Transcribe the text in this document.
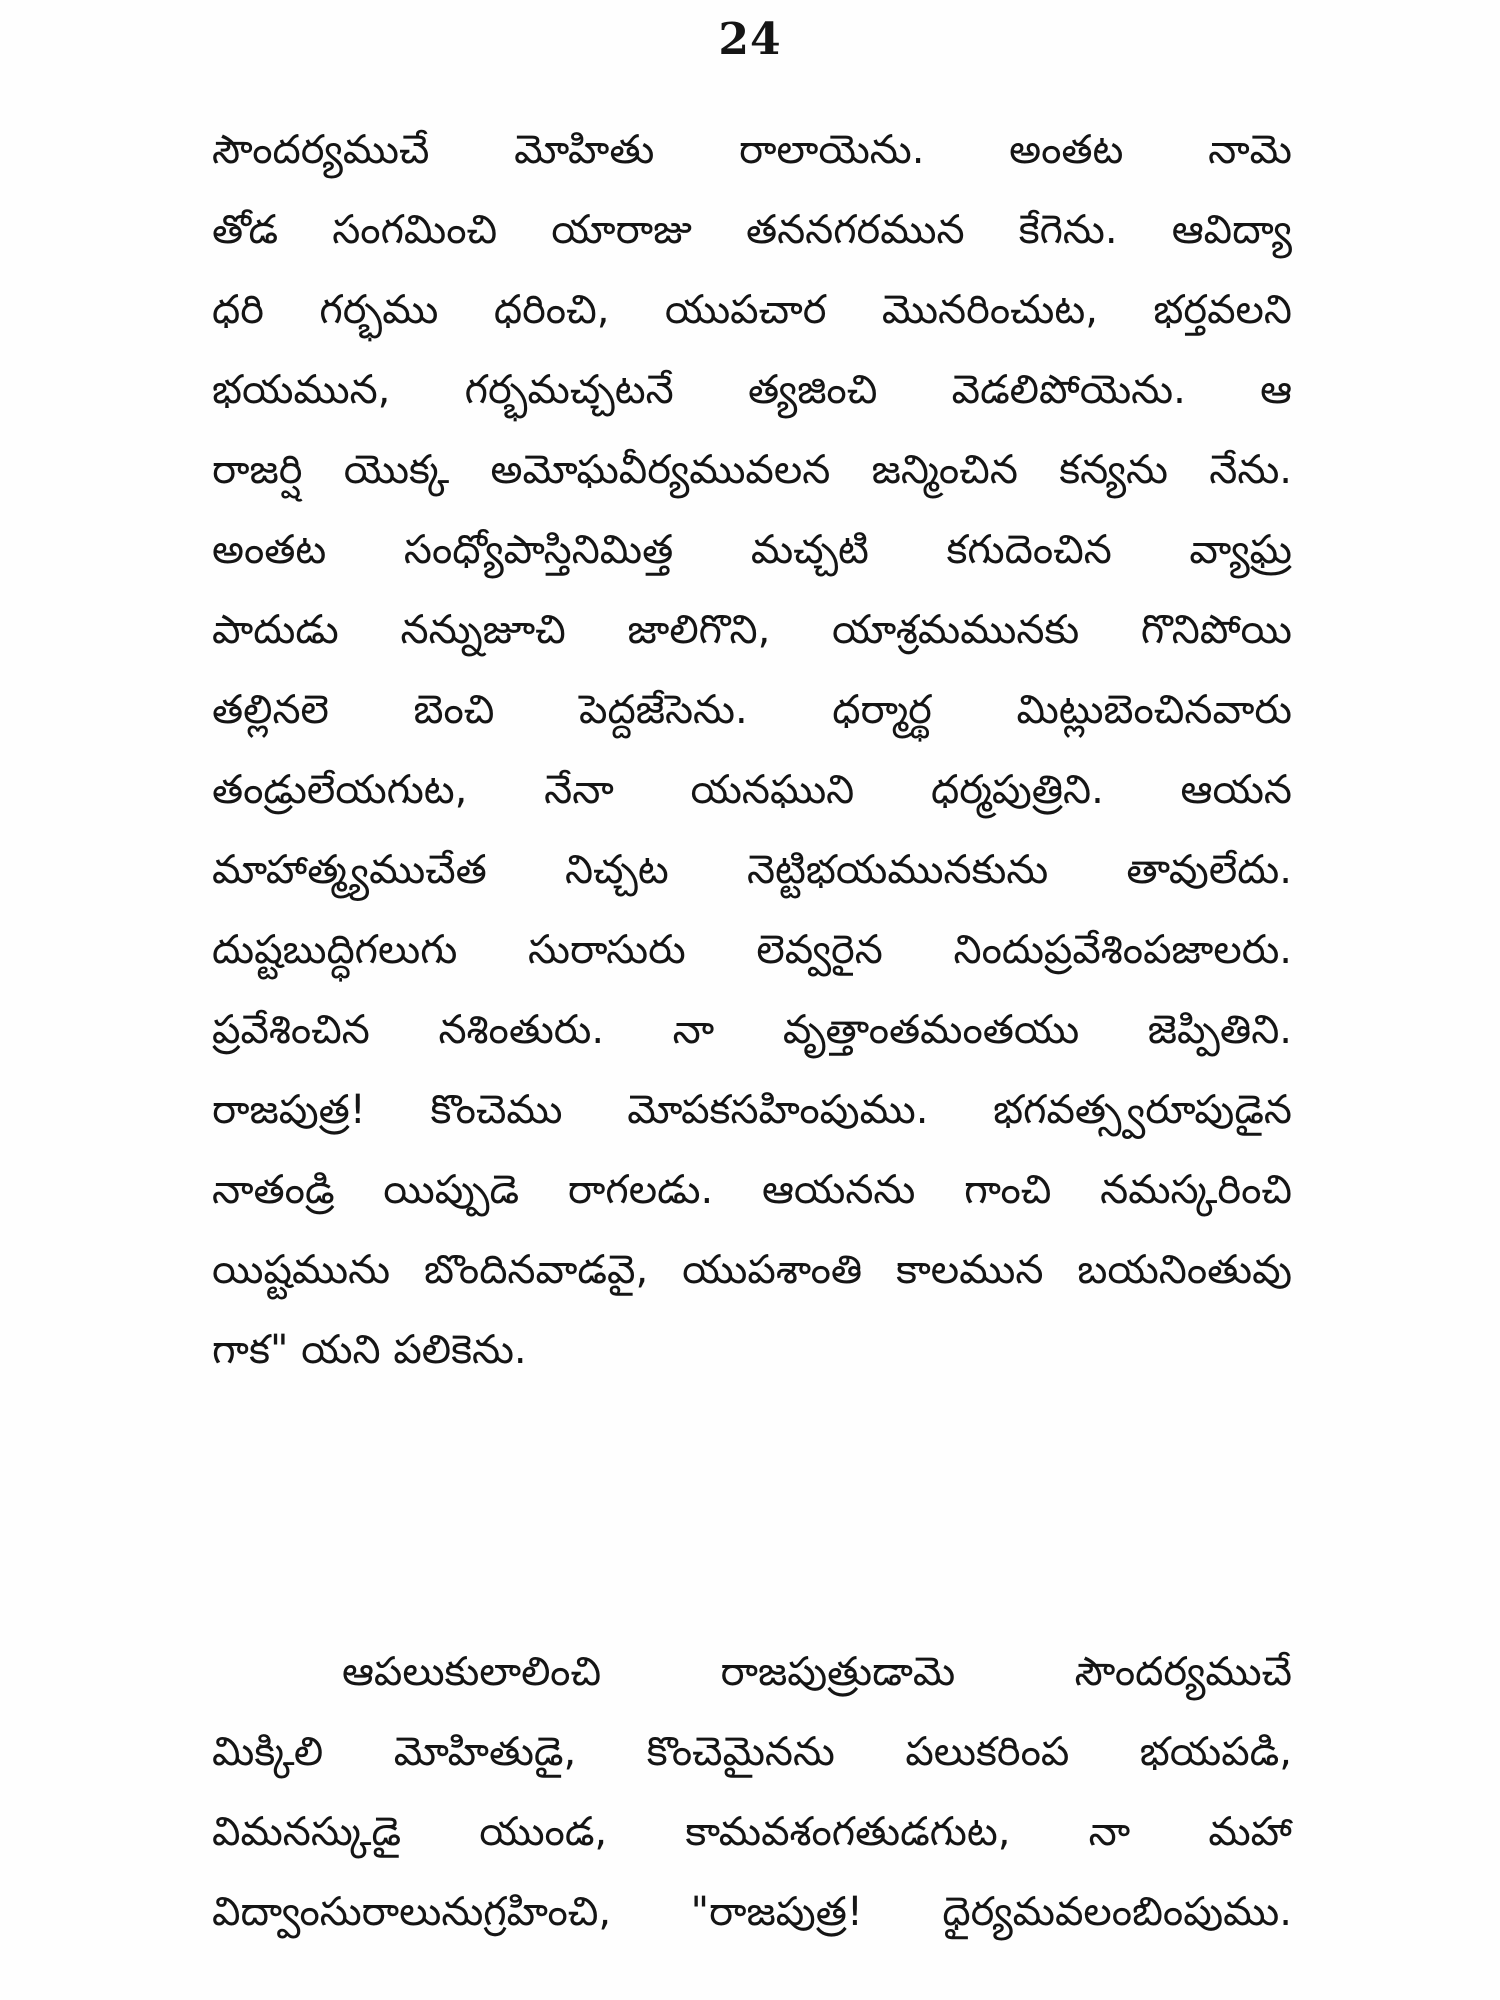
24
సౌందర్యముచే మోహితు రాలాయెను. అంతట నామె
తోడ సంగమించి యారాజు తననగరమున కేగెను. ఆవిద్యా
ధరి గర్భము ధరించి, యుపచార మొనరించుట, భర్తవలని
భయమున, గర్భమచ్చటనే త్యజించి వెడలిపోయెను. ఆ
రాజర్షి యొక్క అమోఘవీర్యమువలన జన్మించిన కన్యను నేను.
అంతట సంధ్యోపాస్తినిమిత్త మచ్చటి కగుదెంచిన వ్యాఘ్ర
పాదుడు నన్నుజూచి జాలిగొని, యాశ్రమమునకు గొనిపోయి
తల్లినలె బెంచి పెద్దజేసెను. ధర్మార్థ మిట్లుబెంచినవారు
తండ్రులేయగుట, నేనా యనఘుని ధర్మపుత్రిని. ఆయన
మాహాత్మ్యముచేత నిచ్చట నెట్టిభయమునకును తావులేదు.
దుష్టబుద్ధిగలుగు సురాసురు లెవ్వరైన నిందుప్రవేశింపజాలరు.
ప్రవేశించిన నశింతురు. నా వృత్తాంతమంతయు జెప్పితిని.
రాజపుత్ర! కొంచెము మోపకసహింపుము. భగవత్స్వరూపుడైన
నాతండ్రి యిప్పుడె రాగలడు. ఆయనను గాంచి నమస్కరించి
యిష్టమును బొందినవాడవై, యుపశాంతి కాలమున బయనింతువు
గాక" యని పలికెను.
ఆపలుకులాలించి రాజపుత్రుడామె సౌందర్యముచే
మిక్కిలి మోహితుడై, కొంచెమైనను పలుకరింప భయపడి,
విమనస్కుడై యుండ, కామవశంగతుడగుట, నా మహా
విద్వాంసురాలునుగ్రహించి, "రాజపుత్ర! ధైర్యమవలంబింపుము.
